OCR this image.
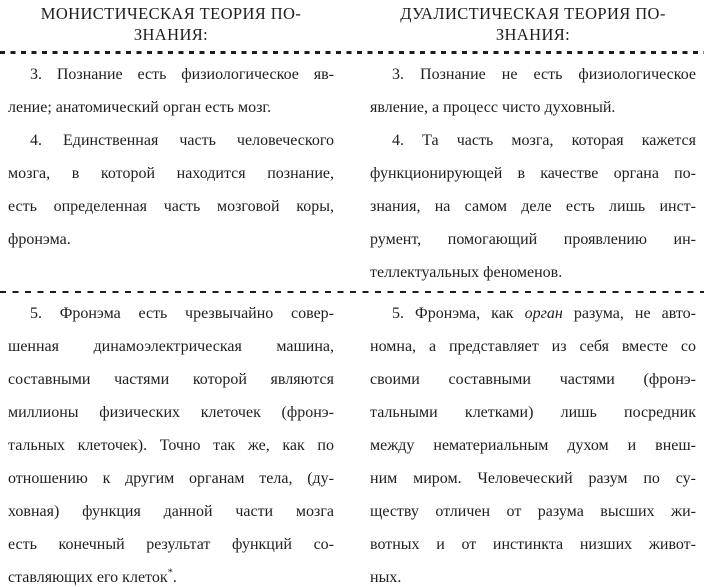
МОНИСТИЧЕСКАЯ ТЕОРИЯ ПО-
ЗНАНИЯ:
ДУАЛИСТИЧЕСКАЯ ТЕОРИЯ ПО-
ЗНАНИЯ:
3. Познание есть физиологическое яв-
ление; анатомический орган есть мозг.
4. Единственная часть человеческого
мозга, в которой находится познание,
есть определенная часть мозговой коры,
фронэма.
3. Познание не есть физиологическое
явление, а процесс чисто духовный.
4. Та часть мозга, которая кажется
функционирующей в качестве органа по-
знания, на самом деле есть лишь инст-
румент, помогающий проявлению ин-
теллектуальных феноменов.
5. Фронэма есть чрезвычайно совер-
шенная динамоэлектрическая машина,
составными частями которой являются
миллионы физических клеточек (фронэ-
тальных клеточек). Точно так же, как по
отношению к другим органам тела, (ду-
ховная) функция данной части мозга
есть конечный результат функций со-
ставляющих его клеток*.
5. Фронэма, как орган разума, не авто-
номна, а представляет из себя вместе со
своими составными частями (фронэ-
тальными клетками) лишь посредник
между нематериальным духом и внеш-
ним миром. Человеческий разум по су-
ществу отличен от разума высших жи-
вотных и от инстинкта низших живот-
ных.
